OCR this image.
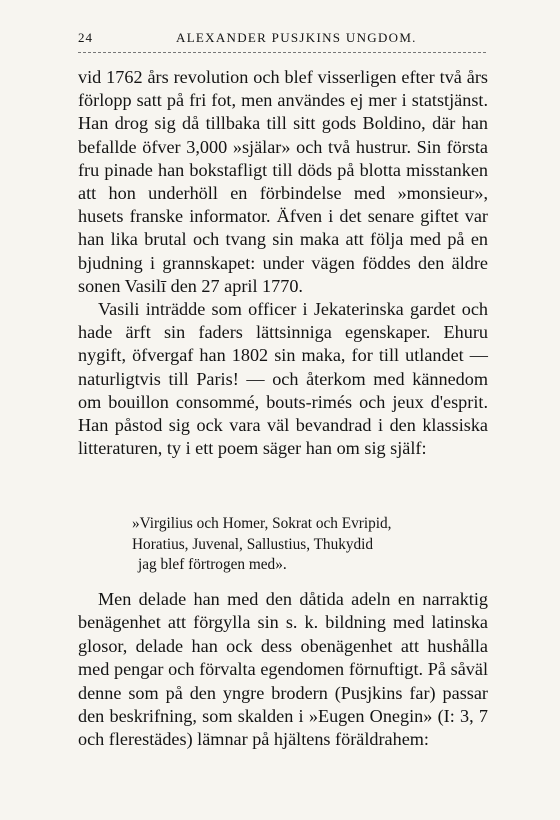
24	ALEXANDER PUSJKINS UNGDOM.

vid 1762 års revolution och blef visserligen efter två års förlopp satt på fri fot, men användes ej mer i statstjänst. Han drog sig då tillbaka till sitt gods Boldino, där han befallde öfver 3,000 »själar» och två hustrur. Sin första fru pinade han bokstafligt till döds på blotta misstanken att hon underhöll en förbindelse med »monsieur», husets franske informator. Äfven i det senare giftet var han lika brutal och tvang sin maka att följa med på en bjudning i grannskapet: under vägen föddes den äldre sonen Vasilī den 27 april 1770.

Vasili inträdde som officer i Jekaterinska gardet och hade ärft sin faders lättsinniga egenskaper. Ehuru nygift, öfvergaf han 1802 sin maka, for till utlandet — naturligtvis till Paris! — och återkom med kännedom om bouillon consommé, bouts-rimés och jeux d'esprit. Han påstod sig ock vara väl bevandrad i den klassiska litteraturen, ty i ett poem säger han om sig själf:

»Virgilius och Homer, Sokrat och Evripid,
Horatius, Juvenal, Sallustius, Thukydid
jag blef förtrogen med».

Men delade han med den dåtida adeln en narraktig benägenhet att förgylla sin s. k. bildning med latinska glosor, delade han ock dess obenägenhet att hushålla med pengar och förvalta egendomen förnuftigt. På såväl denne som på den yngre brodern (Pusjkins far) passar den beskrifning, som skalden i »Eugen Onegin» (I: 3, 7 och flerestädes) lämnar på hjältens föräldrahem:
